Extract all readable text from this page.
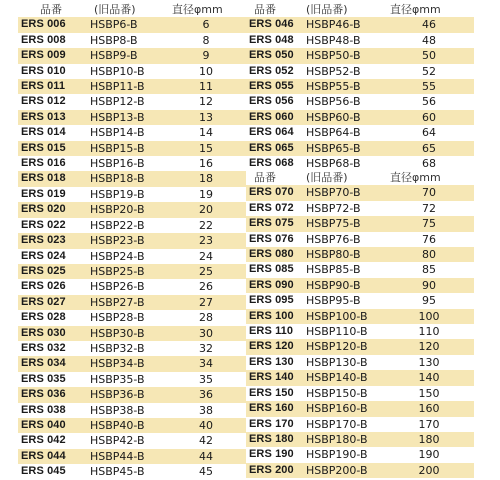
品番	(旧品番)	直径φmm
ERS 006	HSBP6-B	6
ERS 008	HSBP8-B	8
ERS 009	HSBP9-B	9
ERS 010	HSBP10-B	10
ERS 011	HSBP11-B	11
ERS 012	HSBP12-B	12
ERS 013	HSBP13-B	13
ERS 014	HSBP14-B	14
ERS 015	HSBP15-B	15
ERS 016	HSBP16-B	16
ERS 018	HSBP18-B	18
ERS 019	HSBP19-B	19
ERS 020	HSBP20-B	20
ERS 022	HSBP22-B	22
ERS 023	HSBP23-B	23
ERS 024	HSBP24-B	24
ERS 025	HSBP25-B	25
ERS 026	HSBP26-B	26
ERS 027	HSBP27-B	27
ERS 028	HSBP28-B	28
ERS 030	HSBP30-B	30
ERS 032	HSBP32-B	32
ERS 034	HSBP34-B	34
ERS 035	HSBP35-B	35
ERS 036	HSBP36-B	36
ERS 038	HSBP38-B	38
ERS 040	HSBP40-B	40
ERS 042	HSBP42-B	42
ERS 044	HSBP44-B	44
ERS 045	HSBP45-B	45
品番	(旧品番)	直径φmm
ERS 046	HSBP46-B	46
ERS 048	HSBP48-B	48
ERS 050	HSBP50-B	50
ERS 052	HSBP52-B	52
ERS 055	HSBP55-B	55
ERS 056	HSBP56-B	56
ERS 060	HSBP60-B	60
ERS 064	HSBP64-B	64
ERS 065	HSBP65-B	65
ERS 068	HSBP68-B	68
品番	(旧品番)	直径φmm
ERS 070	HSBP70-B	70
ERS 072	HSBP72-B	72
ERS 075	HSBP75-B	75
ERS 076	HSBP76-B	76
ERS 080	HSBP80-B	80
ERS 085	HSBP85-B	85
ERS 090	HSBP90-B	90
ERS 095	HSBP95-B	95
ERS 100	HSBP100-B	100
ERS 110	HSBP110-B	110
ERS 120	HSBP120-B	120
ERS 130	HSBP130-B	130
ERS 140	HSBP140-B	140
ERS 150	HSBP150-B	150
ERS 160	HSBP160-B	160
ERS 170	HSBP170-B	170
ERS 180	HSBP180-B	180
ERS 190	HSBP190-B	190
ERS 200	HSBP200-B	200
